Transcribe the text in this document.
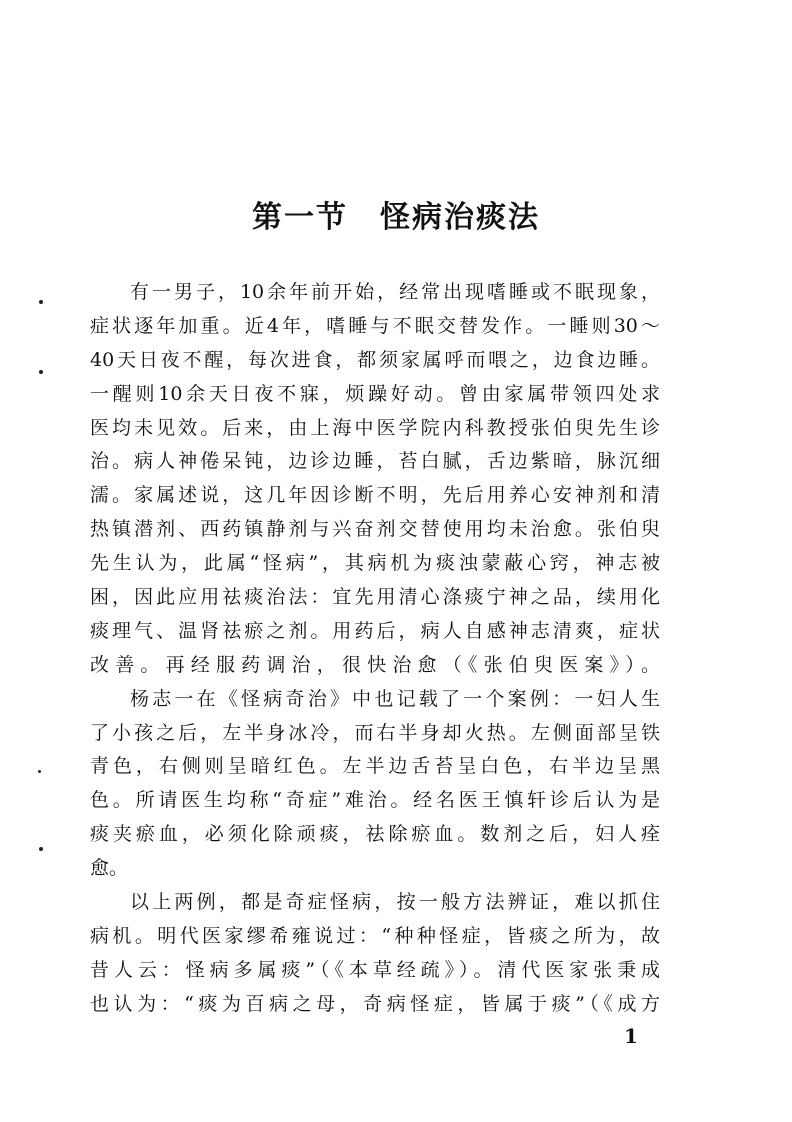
第一节　怪病治痰法
有一男子，10余年前开始，经常出现嗜睡或不眠现象，
症状逐年加重。近4年，嗜睡与不眠交替发作。一睡则30～
40天日夜不醒，每次进食，都须家属呼而喂之，边食边睡。
一醒则10余天日夜不寐，烦躁好动。曾由家属带领四处求
医均未见效。后来，由上海中医学院内科教授张伯臾先生诊
治。病人神倦呆钝，边诊边睡，苔白腻，舌边紫暗，脉沉细
濡。家属述说，这几年因诊断不明，先后用养心安神剂和清
热镇潜剂、西药镇静剂与兴奋剂交替使用均未治愈。张伯臾
先生认为，此属“怪病”，其病机为痰浊蒙蔽心窍，神志被
困，因此应用祛痰治法：宜先用清心涤痰宁神之品，续用化
痰理气、温肾祛瘀之剂。用药后，病人自感神志清爽，症状
改善。再经服药调治，很快治愈（《张伯臾医案》）。
杨志一在《怪病奇治》中也记载了一个案例：一妇人生
了小孩之后，左半身冰冷，而右半身却火热。左侧面部呈铁
青色，右侧则呈暗红色。左半边舌苔呈白色，右半边呈黑
色。所请医生均称“奇症”难治。经名医王慎轩诊后认为是
痰夹瘀血，必须化除顽痰，祛除瘀血。数剂之后，妇人痊
愈。
以上两例，都是奇症怪病，按一般方法辨证，难以抓住
病机。明代医家缪希雍说过：“种种怪症，皆痰之所为，故
昔人云：怪病多属痰”（《本草经疏》）。清代医家张秉成
也认为：“痰为百病之母，奇病怪症，皆属于痰”（《成方
1
